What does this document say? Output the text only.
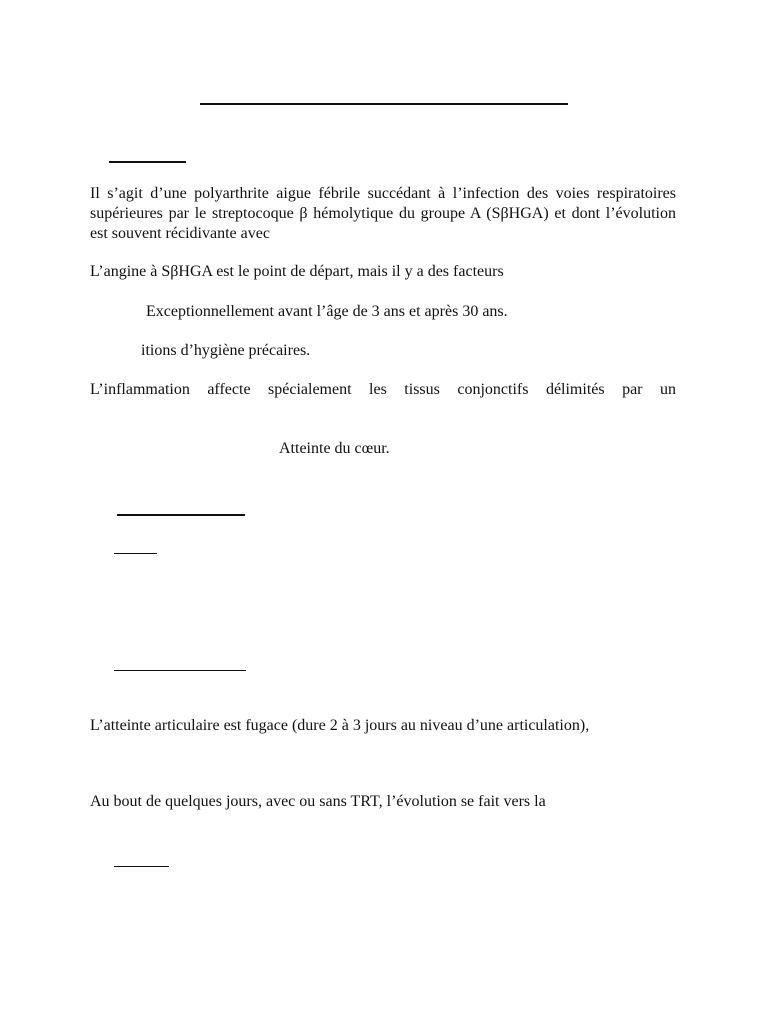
Il s’agit d’une polyarthrite aigue fébrile succédant à l’infection des voies respiratoires supérieures par le streptocoque β hémolytique du groupe A (SβHGA) et dont l’évolution est souvent récidivante avec
L’angine à SβHGA est le point de départ, mais il y a des facteurs
Exceptionnellement avant l’âge de 3 ans et après 30 ans.
itions d’hygiène précaires.
L’inflammation affecte spécialement les tissus conjonctifs délimités par un
Atteinte du cœur.
L’atteinte articulaire est fugace (dure 2 à 3 jours au niveau d’une articulation),
Au bout de quelques jours, avec ou sans TRT, l’évolution se fait vers la
